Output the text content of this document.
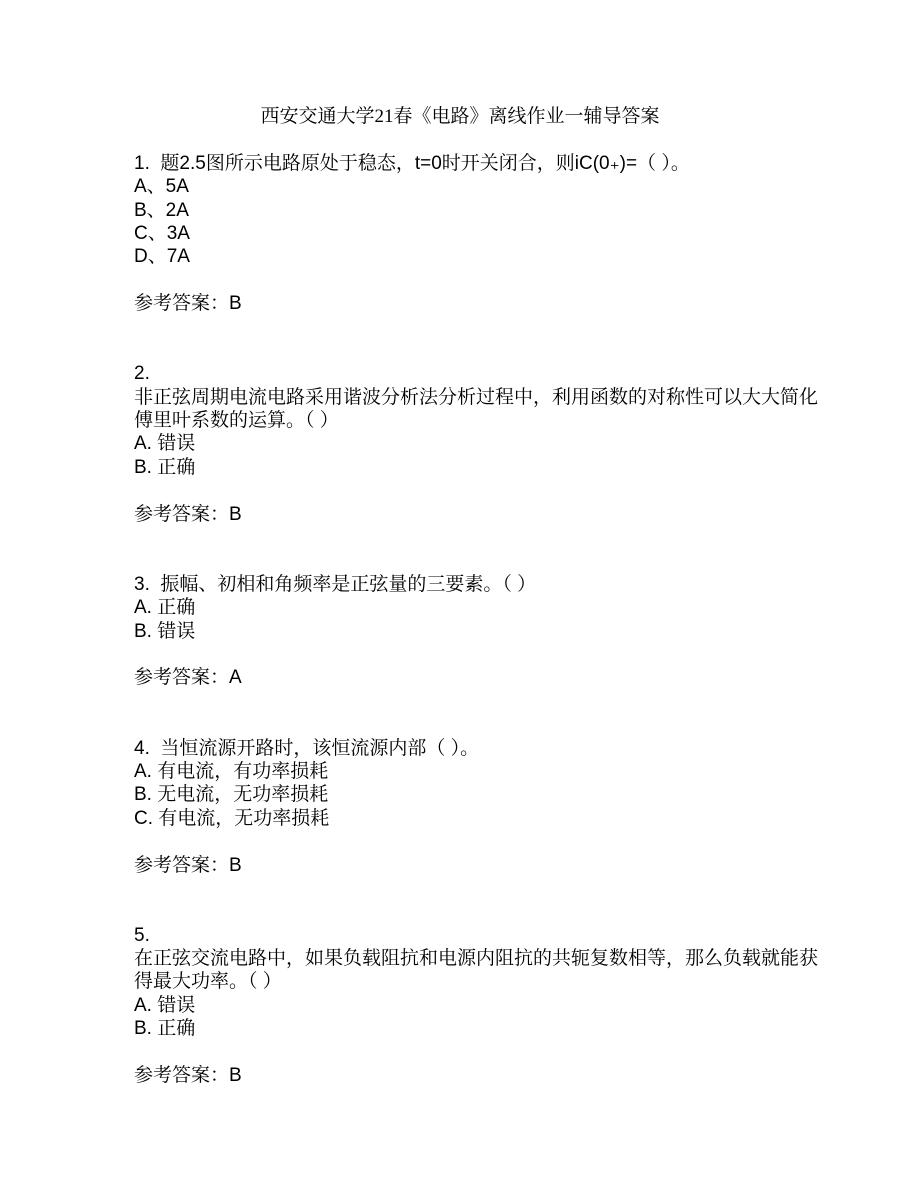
西安交通大学21春《电路》离线作业一辅导答案
1.  题2.5图所示电路原处于稳态，t=0时开关闭合，则iC(0₊)=（ ）。
A、5A
B、2A
C、3A
D、7A
参考答案：B
2.
非正弦周期电流电路采用谐波分析法分析过程中，利用函数的对称性可以大大简化
傅里叶系数的运算。（ ）
A. 错误
B. 正确
参考答案：B
3.  振幅、初相和角频率是正弦量的三要素。（ ）
A. 正确
B. 错误
参考答案：A
4.  当恒流源开路时，该恒流源内部（ ）。
A. 有电流，有功率损耗
B. 无电流，无功率损耗
C. 有电流，无功率损耗
参考答案：B
5.
在正弦交流电路中，如果负载阻抗和电源内阻抗的共轭复数相等，那么负载就能获
得最大功率。（ ）
A. 错误
B. 正确
参考答案：B
